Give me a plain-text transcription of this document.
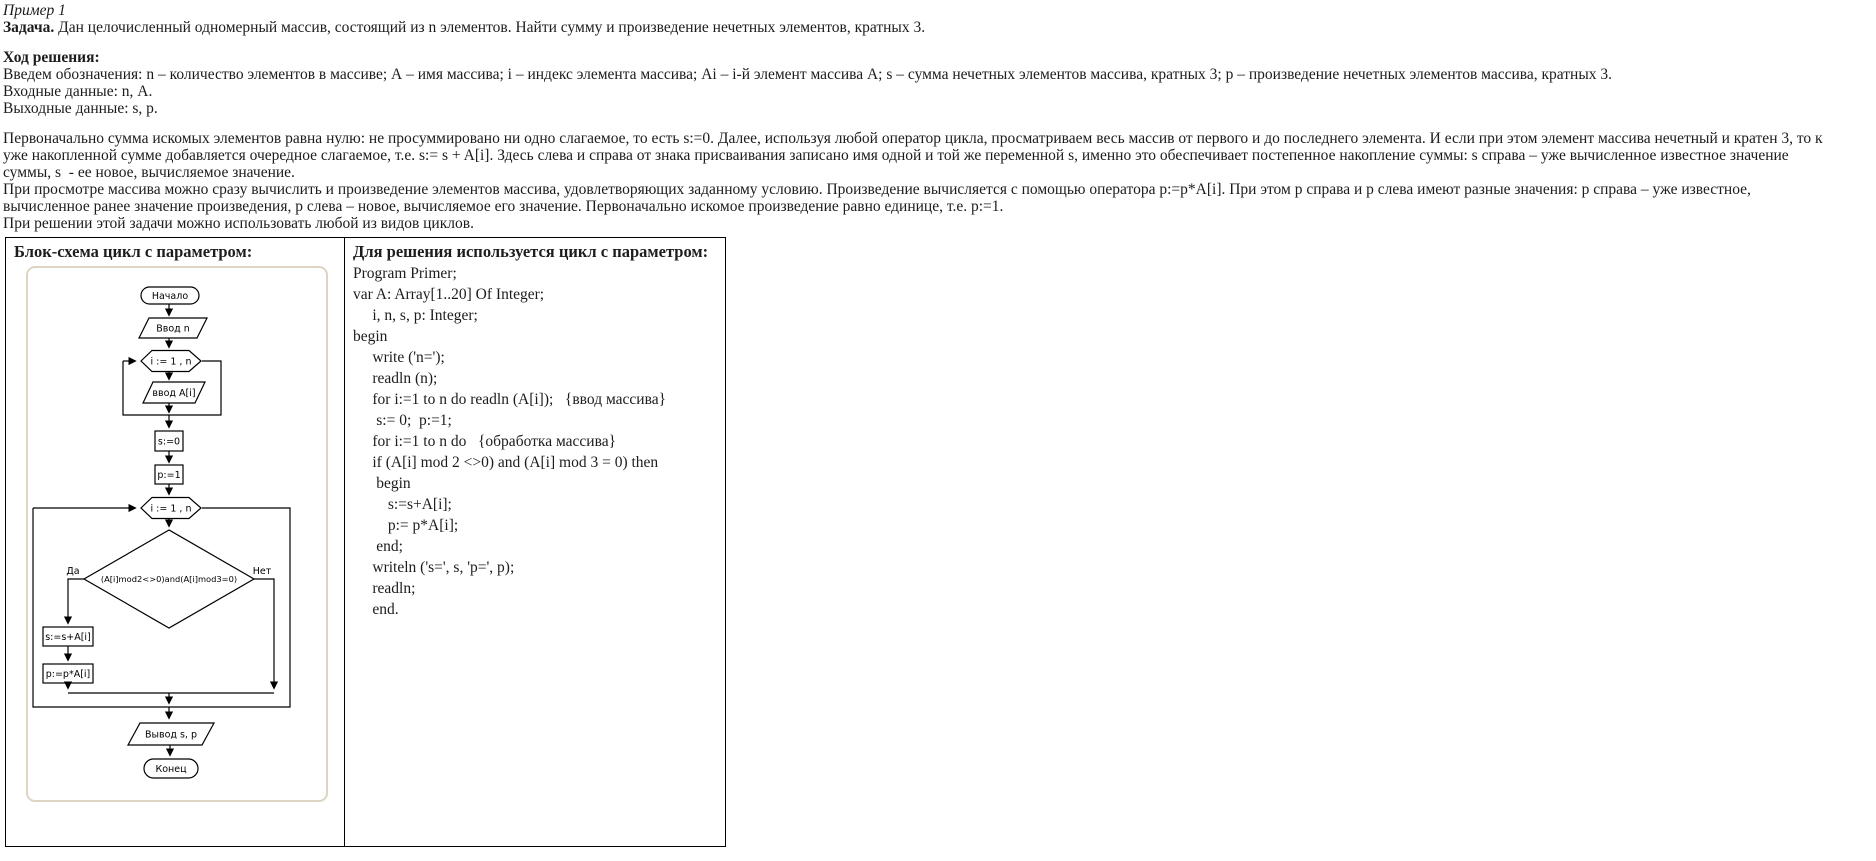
Пример 1
Задача. Дан целочисленный одномерный массив, состоящий из n элементов. Найти сумму и произведение нечетных элементов, кратных 3.
Ход решения:
Введем обозначения: n – количество элементов в массиве; А – имя массива; i – индекс элемента массива; Ai – i-й элемент массива А; s – сумма нечетных элементов массива, кратных 3; p – произведение нечетных элементов массива, кратных 3.
Входные данные: n, А.
Выходные данные: s, p.
Первоначально сумма искомых элементов равна нулю: не просуммировано ни одно слагаемое, то есть s:=0. Далее, используя любой оператор цикла, просматриваем весь массив от первого и до последнего элемента. И если при этом элемент массива нечетный и кратен 3, то к
уже накопленной сумме добавляется очередное слагаемое, т.е. s:= s + A[i]. Здесь слева и справа от знака присваивания записано имя одной и той же переменной s, именно это обеспечивает постепенное накопление суммы: s справа – уже вычисленное известное значение
суммы, s  - ее новое, вычисляемое значение.
При просмотре массива можно сразу вычислить и произведение элементов массива, удовлетворяющих заданному условию. Произведение вычисляется с помощью оператора p:=p*A[i]. При этом p справа и p слева имеют разные значения: p справа – уже известное,
вычисленное ранее значение произведения, p слева – новое, вычисляемое его значение. Первоначально искомое произведение равно единице, т.е. p:=1.
При решении этой задачи можно использовать любой из видов циклов.
Блок-схема цикл с параметром:
Начало
Ввод n
i := 1 , n
ввод A[i]
s:=0
p:=1
i := 1 , n
(A[i]mod2<>0)and(A[i]mod3=0)
Да	Нет
s:=s+A[i]
p:=p*A[i]
Вывод s, p
Конец

Для решения используется цикл с параметром:
Program Primer;
var A: Array[1..20] Of Integer;
i, n, s, p: Integer;
begin
write ('n=');
readln (n);
for i:=1 to n do readln (A[i]);   {ввод массива}
s:= 0;  p:=1;
for i:=1 to n do   {обработка массива}
if (A[i] mod 2 <>0) and (A[i] mod 3 = 0) then
begin
s:=s+A[i];
p:= p*A[i];
end;
writeln ('s=', s, 'p=', p);
readln;
end.
